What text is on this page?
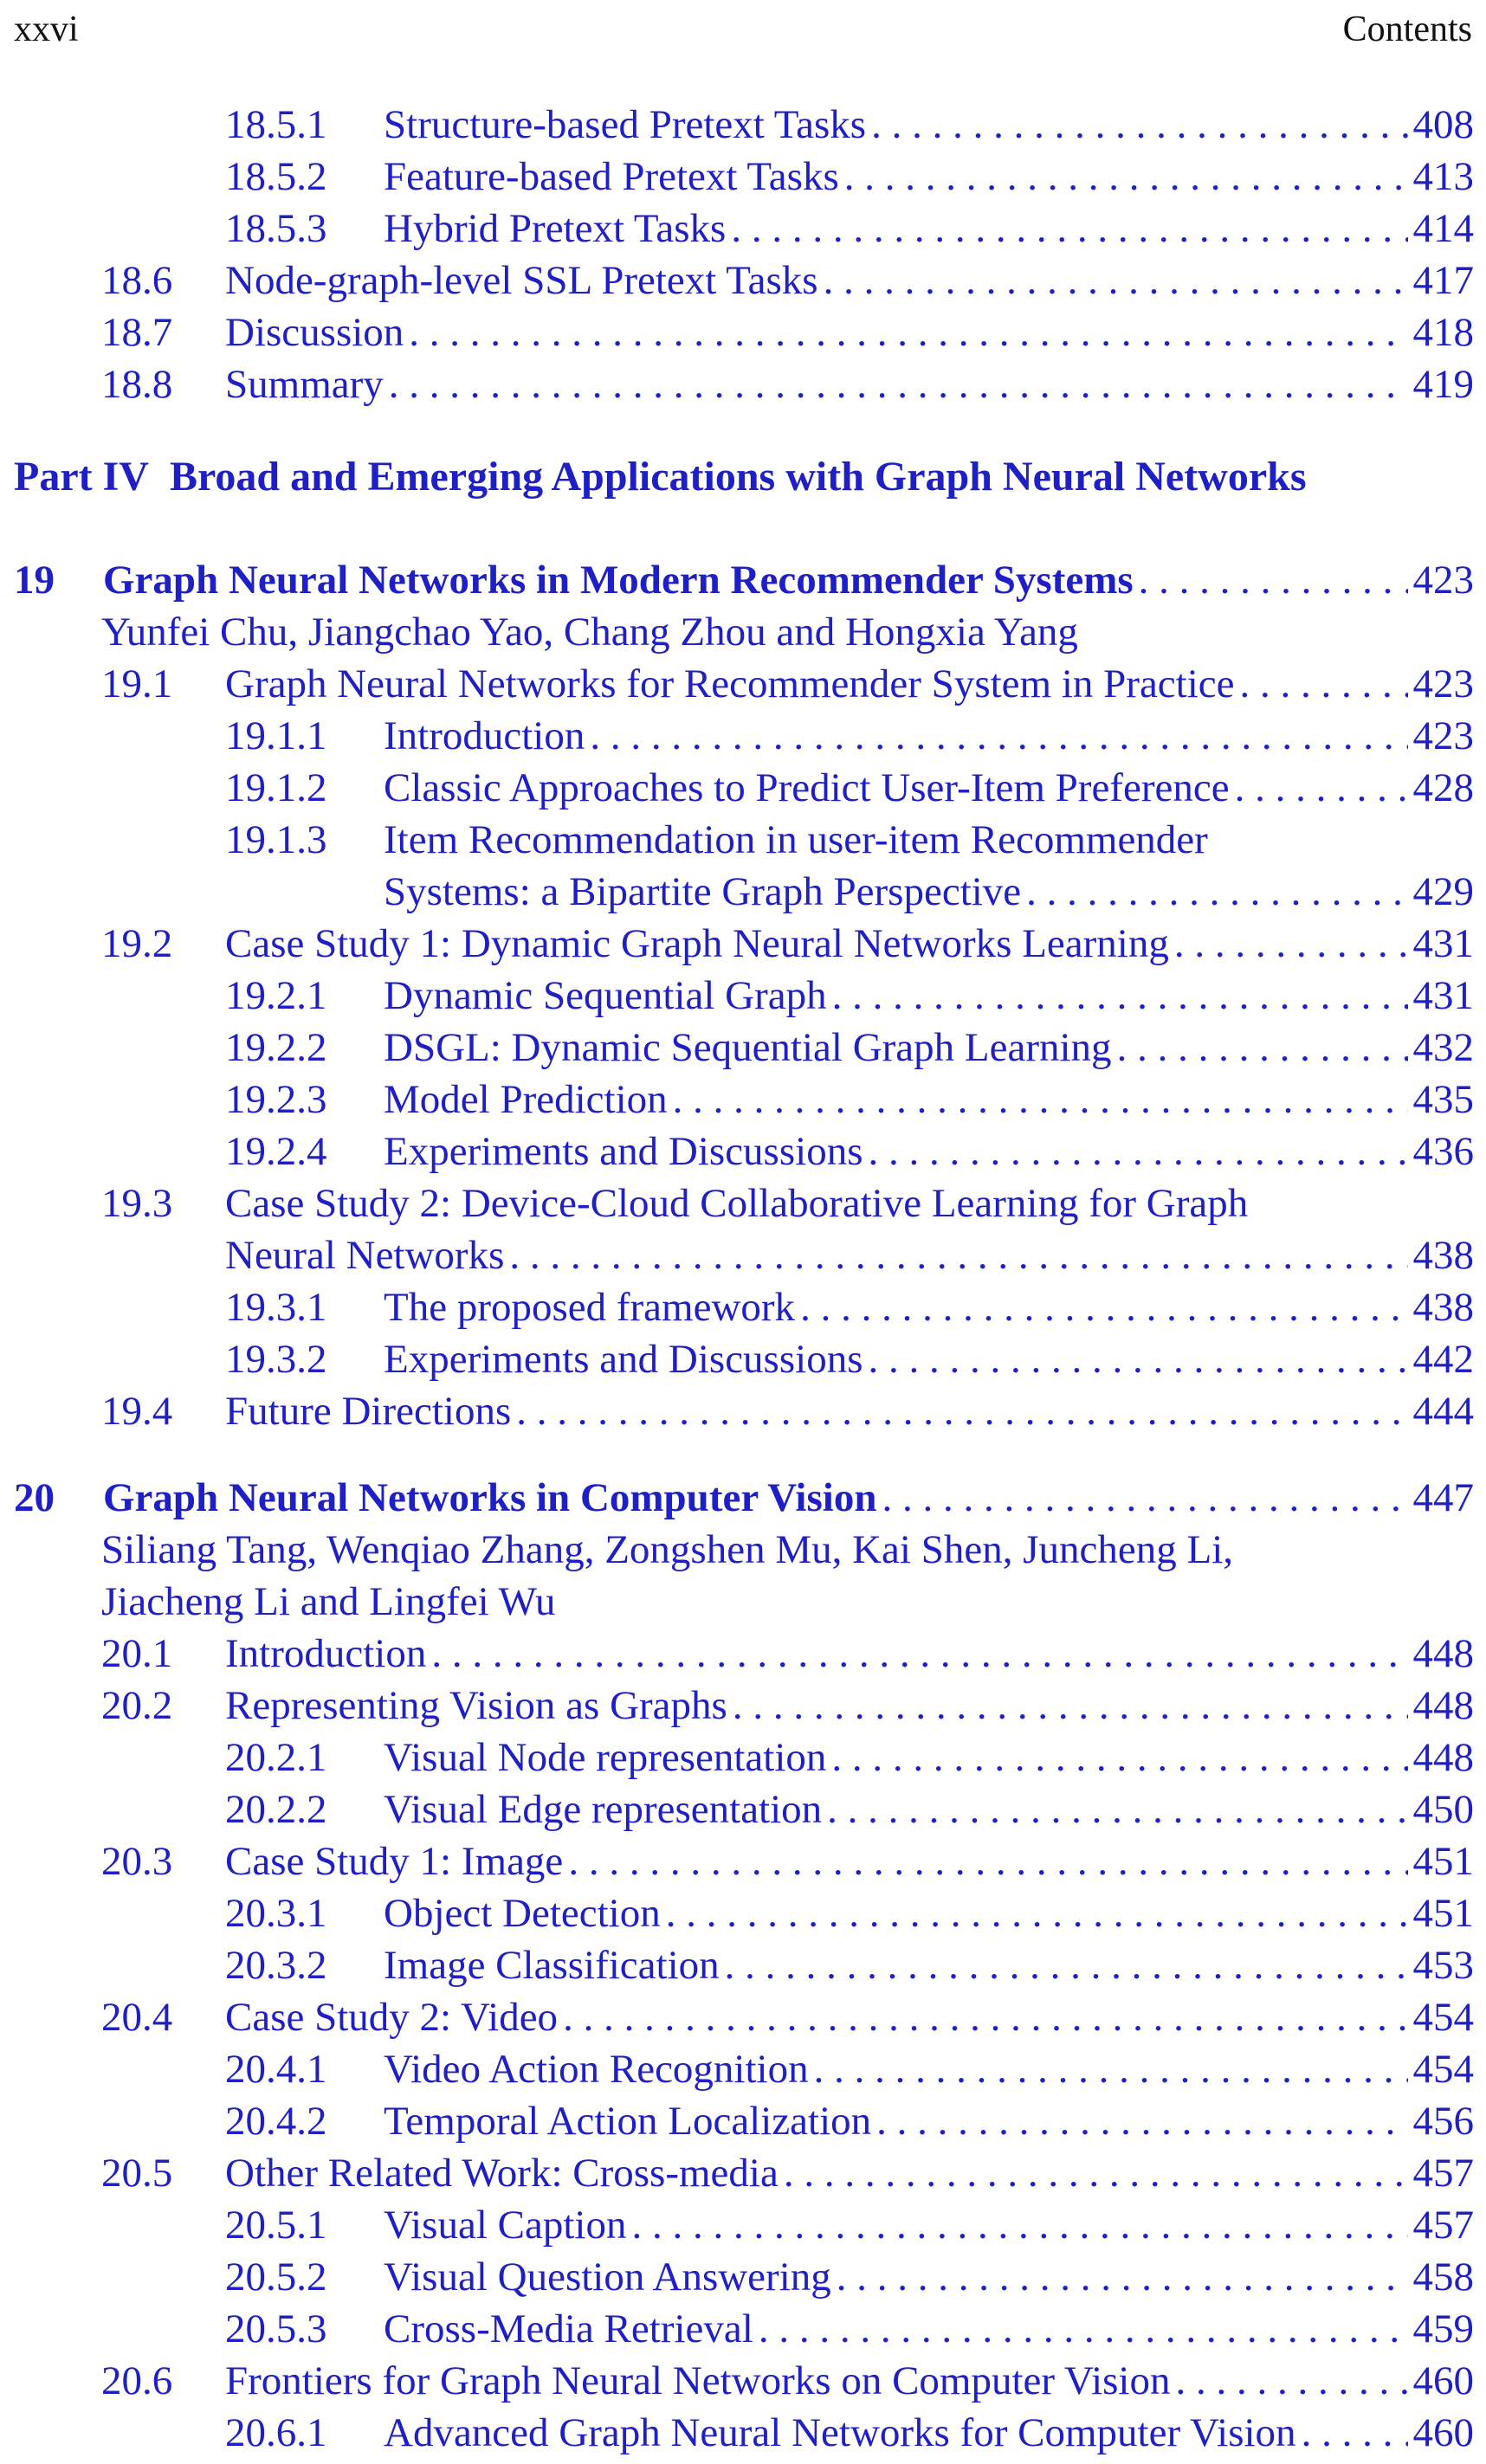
xxvi	Contents
18.5.1	Structure-based Pretext Tasks . . .	408
18.5.2	Feature-based Pretext Tasks . . .	413
18.5.3	Hybrid Pretext Tasks . . .	414
18.6	Node-graph-level SSL Pretext Tasks . . .	417
18.7	Discussion . . .	418
18.8	Summary . . .	419
Part IV Broad and Emerging Applications with Graph Neural Networks
19	Graph Neural Networks in Modern Recommender Systems . . .	423
Yunfei Chu, Jiangchao Yao, Chang Zhou and Hongxia Yang
19.1	Graph Neural Networks for Recommender System in Practice . . .	423
19.1.1	Introduction . . .	423
19.1.2	Classic Approaches to Predict User-Item Preference . . .	428
19.1.3	Item Recommendation in user-item Recommender
Systems: a Bipartite Graph Perspective . . .	429
19.2	Case Study 1: Dynamic Graph Neural Networks Learning . . .	431
19.2.1	Dynamic Sequential Graph . . .	431
19.2.2	DSGL: Dynamic Sequential Graph Learning . . .	432
19.2.3	Model Prediction . . .	435
19.2.4	Experiments and Discussions . . .	436
19.3	Case Study 2: Device-Cloud Collaborative Learning for Graph
Neural Networks . . .	438
19.3.1	The proposed framework . . .	438
19.3.2	Experiments and Discussions . . .	442
19.4	Future Directions . . .	444
20	Graph Neural Networks in Computer Vision . . .	447
Siliang Tang, Wenqiao Zhang, Zongshen Mu, Kai Shen, Juncheng Li,
Jiacheng Li and Lingfei Wu
20.1	Introduction . . .	448
20.2	Representing Vision as Graphs . . .	448
20.2.1	Visual Node representation . . .	448
20.2.2	Visual Edge representation . . .	450
20.3	Case Study 1: Image . . .	451
20.3.1	Object Detection . . .	451
20.3.2	Image Classification . . .	453
20.4	Case Study 2: Video . . .	454
20.4.1	Video Action Recognition . . .	454
20.4.2	Temporal Action Localization . . .	456
20.5	Other Related Work: Cross-media . . .	457
20.5.1	Visual Caption . . .	457
20.5.2	Visual Question Answering . . .	458
20.5.3	Cross-Media Retrieval . . .	459
20.6	Frontiers for Graph Neural Networks on Computer Vision . . .	460
20.6.1	Advanced Graph Neural Networks for Computer Vision . . .	460
